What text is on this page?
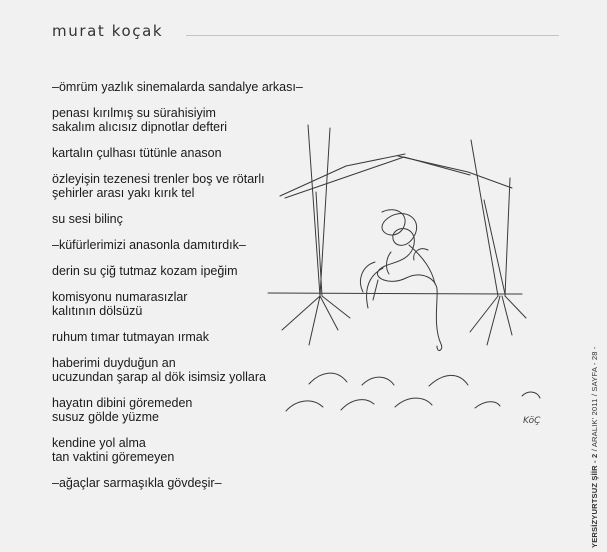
murat koçak
–ömrüm yazlık sinemalarda sandalye arkası–
penası kırılmış su sürahisiyim
sakalım alıcısız dipnotlar defteri
kartalın çulhası tütünle anason
özleyişin tezenesi trenler boş ve rötarlı
şehirler arası yakı kırık tel
su sesi bilinç
–küfürlerimizi anasonla damıtırdık–
derin su çiğ tutmaz kozam ipeğim
komisyonu numarasızlar
kalıtının dölsüzü
ruhum tımar tutmayan ırmak
haberimi duyduğun an
ucuzundan şarap al dök isimsiz yollara
hayatın dibini göremeden
susuz gölde yüzme
kendine yol alma
tan vaktini göremeyen
–ağaçlar sarmaşıkla gövdeşir–
KöÇ
YERSİZYURTSUZ ŞİİR - 2 / ARALIK' 2011 / SAYFA - 28 -
